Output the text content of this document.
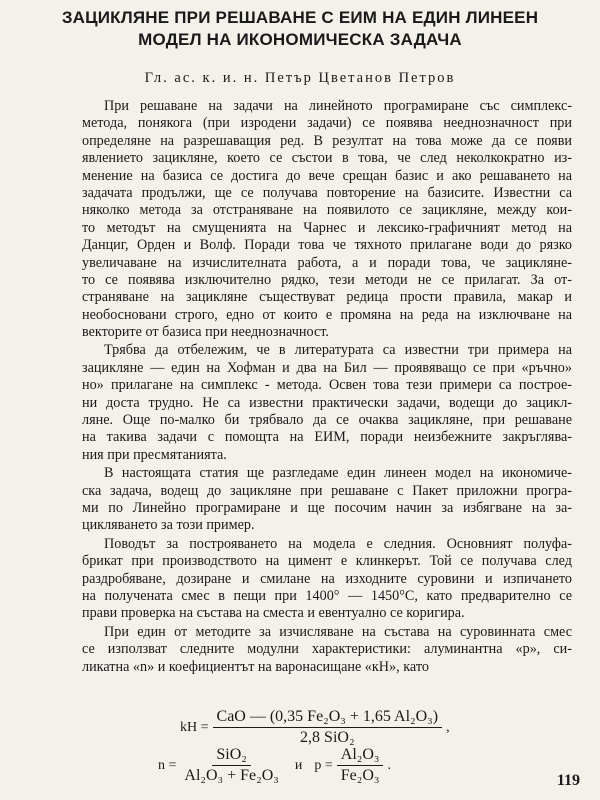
ЗАЦИКЛЯНЕ ПРИ РЕШАВАНЕ С ЕИМ НА ЕДИН ЛИНЕЕН
МОДЕЛ НА ИКОНОМИЧЕСКА ЗАДАЧА
Гл. ас. к. и. н. Петър Цветанов Петров
При решаване на задачи на линейното програмиране със симплекс-
метода, понякога (при изродени задачи) се появява нееднозначност при
определяне на разрешаващия ред. В резултат на това може да се появи
явлението зацикляне, което се състои в това, че след неколкократно из-
менение на базиса се достига до вече срещан базис и ако решаването на
задачата продължи, ще се получава повторение на базисите. Известни са
няколко метода за отстраняване на появилото се зацикляне, между кои-
то методът на смущенията на Чарнес и лексико-графичният метод на
Данциг, Орден и Волф. Поради това че тяхното прилагане води до рязко
увеличаване на изчислителната работа, а и поради това, че зацикляне-
то се появява изключително рядко, тези методи не се прилагат. За от-
страняване на зацикляне съществуват редица прости правила, макар и
необосновани строго, едно от които е промяна на реда на изключване на
векторите от базиса при нееднозначност.
Трябва да отбележим, че в литературата са известни три примера на
зацикляне — един на Хофман и два на Бил — проявяващо се при «ръчно»
но» прилагане на симплекс - метода. Освен това тези примери са построе-
ни доста трудно. Не са известни практически задачи, водещи до зацикл-
ляне. Още по-малко би трябвало да се очаква зацикляне, при решаване
на такива задачи с помощта на ЕИМ, поради неизбежните закръглява-
ния при пресмятанията.
В настоящата статия ще разгледаме един линеен модел на икономиче-
ска задача, водещ до зацикляне при решаване с Пакет приложни програ-
ми по Линейно програмиране и ще посочим начин за избягване на за-
цикляването за този пример.
Поводът за построяването на модела е следния. Основният полуфа-
брикат при производството на цимент е клинкерът. Той се получава след
раздробяване, дозиране и смилане на изходните суровини и изпичането
на получената смес в пещи при 1400° — 1450°С, като предварително се
прави проверка на състава на сместа и евентуално се коригира.
При един от методите за изчисляване на състава на суровинната смес
се използват следните модулни характеристики: алуминантна «р», си-
ликатна «n» и коефициентът на варонасищане «кН», като
kH = $\frac{\text{CaO — (0,35 Fe₂O₃ + 1,65 Al₂O₃)}}{\text{2,8 SiO₂}}$ ,
$n = \frac{\text{SiO₂}}{\text{Al₂O₃ + Fe₂O₃}}$ и $p = \frac{\text{Al₂O₃}}{\text{Fe₂O₃}}$ .
119
